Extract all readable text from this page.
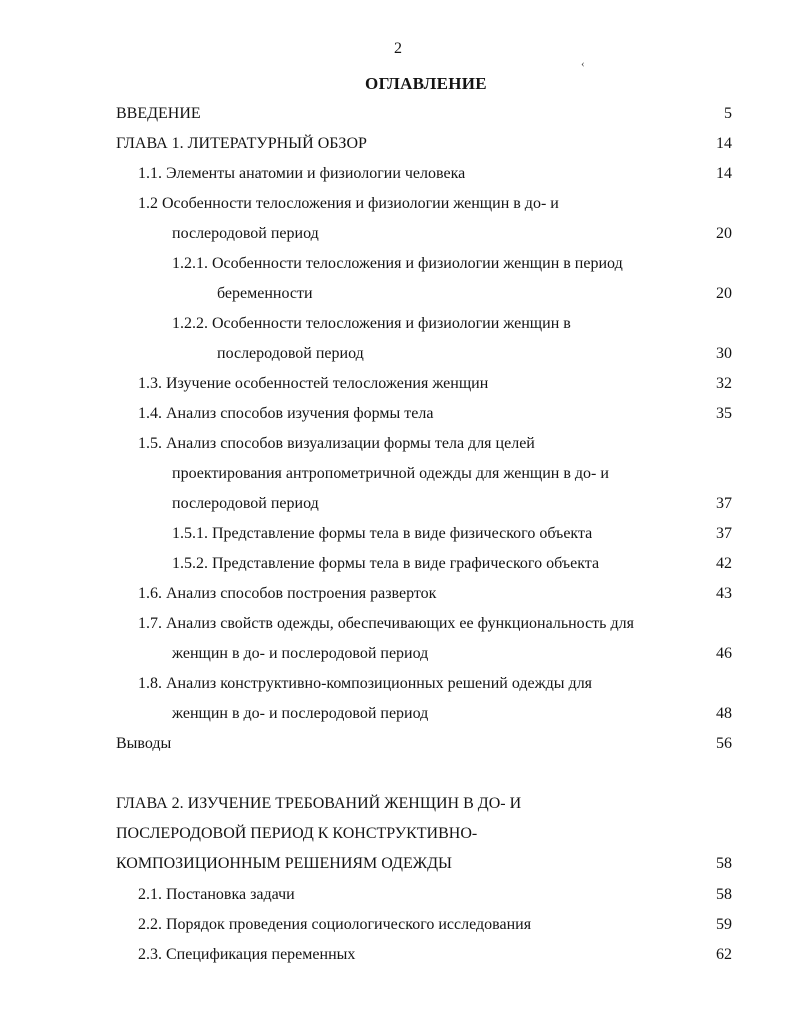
2
‹
ОГЛАВЛЕНИЕ
ВВЕДЕНИЕ	5
ГЛАВА 1. ЛИТЕРАТУРНЫЙ ОБЗОР	14
1.1. Элементы анатомии и физиологии человека	14
1.2 Особенности телосложения и физиологии женщин в до- и
послеродовой период	20
1.2.1. Особенности телосложения и физиологии женщин в период
беременности	20
1.2.2. Особенности телосложения и физиологии женщин в
послеродовой период	30
1.3. Изучение особенностей телосложения женщин	32
1.4. Анализ способов изучения формы тела	35
1.5. Анализ способов визуализации формы тела для целей
проектирования антропометричной одежды для женщин в до- и
послеродовой период	37
1.5.1. Представление формы тела в виде физического объекта	37
1.5.2. Представление формы тела в виде графического объекта	42
1.6. Анализ способов построения разверток	43
1.7. Анализ свойств одежды, обеспечивающих ее функциональность для
женщин в до- и послеродовой период	46
1.8. Анализ конструктивно-композиционных решений одежды для
женщин в до- и послеродовой период	48
Выводы	56
ГЛАВА 2. ИЗУЧЕНИЕ ТРЕБОВАНИЙ ЖЕНЩИН В ДО- И
ПОСЛЕРОДОВОЙ ПЕРИОД К КОНСТРУКТИВНО-
КОМПОЗИЦИОННЫМ РЕШЕНИЯМ ОДЕЖДЫ	58
2.1. Постановка задачи	58
2.2. Порядок проведения социологического исследования	59
2.3. Спецификация переменных	62
